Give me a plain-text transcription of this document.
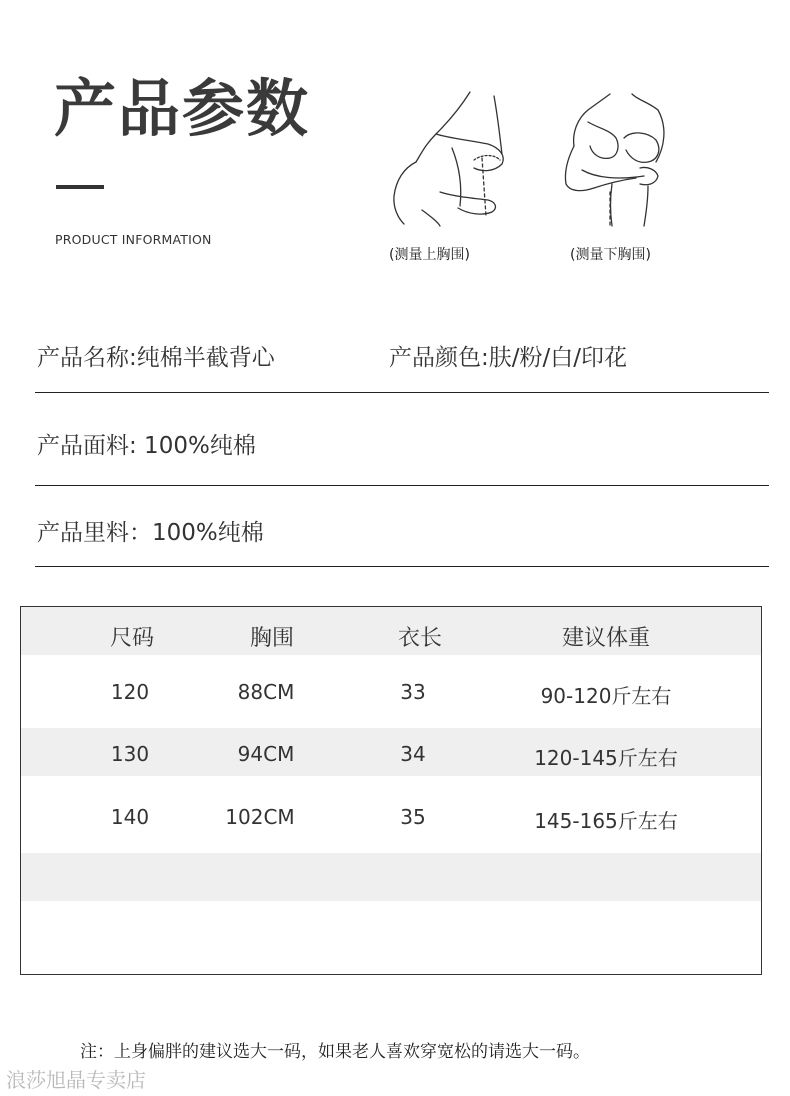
产品参数
PRODUCT INFORMATION
(测量上胸围)	(测量下胸围)
产品名称:纯棉半截背心	产品颜色:肤/粉/白/印花
产品面料: 100%纯棉
产品里料：100%纯棉
尺码	胸围	衣长	建议体重
120	88CM	33	90-120斤左右
130	94CM	34	120-145斤左右
140	102CM	35	145-165斤左右
注：上身偏胖的建议选大一码，如果老人喜欢穿宽松的请选大一码。
浪莎旭晶专卖店
